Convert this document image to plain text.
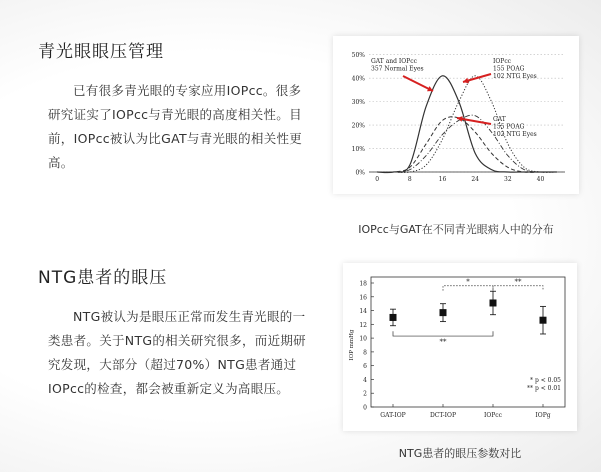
青光眼眼压管理

已有很多青光眼的专家应用IOPcc。很多研究证实了IOPcc与青光眼的高度相关性。目前，IOPcc被认为比GAT与青光眼的相关性更高。

0%
10%
20%
30%
40%
50%
0	8	16	24	32	40
GAT and IOPcc
357 Normal Eyes
IOPcc
155 POAG
102 NTG Eyes
GAT
155 POAG
102 NTG Eyes
IOPcc与GAT在不同青光眼病人中的分布
NTG患者的眼压

NTG被认为是眼压正常而发生青光眼的一类患者。关于NTG的相关研究很多，而近期研究发现，大部分（超过70%）NTG患者通过IOPcc的检查，都会被重新定义为高眼压。

0
2
4
6
8
10
12
14
16
18
IOP mmHg
GAT-IOP	DCT-IOP	IOPcc	IOPg
*	**
**
* p < 0.05
** p < 0.01
NTG患者的眼压参数对比
